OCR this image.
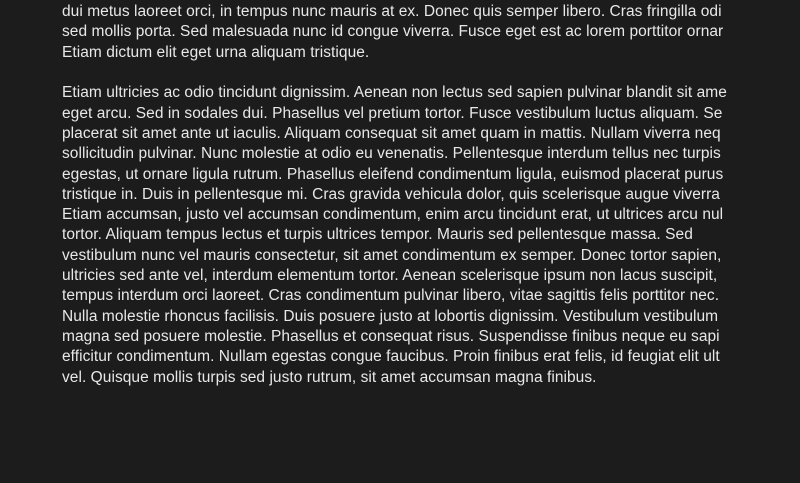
dui metus laoreet orci, in tempus nunc mauris at ex. Donec quis semper libero. Cras fringilla odi
sed mollis porta. Sed malesuada nunc id congue viverra. Fusce eget est ac lorem porttitor ornar
Etiam dictum elit eget urna aliquam tristique.
Etiam ultricies ac odio tincidunt dignissim. Aenean non lectus sed sapien pulvinar blandit sit ame
eget arcu. Sed in sodales dui. Phasellus vel pretium tortor. Fusce vestibulum luctus aliquam. Se
placerat sit amet ante ut iaculis. Aliquam consequat sit amet quam in mattis. Nullam viverra neq
sollicitudin pulvinar. Nunc molestie at odio eu venenatis. Pellentesque interdum tellus nec turpis
egestas, ut ornare ligula rutrum. Phasellus eleifend condimentum ligula, euismod placerat purus
tristique in. Duis in pellentesque mi. Cras gravida vehicula dolor, quis scelerisque augue viverra
Etiam accumsan, justo vel accumsan condimentum, enim arcu tincidunt erat, ut ultrices arcu nul
tortor. Aliquam tempus lectus et turpis ultrices tempor. Mauris sed pellentesque massa. Sed
vestibulum nunc vel mauris consectetur, sit amet condimentum ex semper. Donec tortor sapien,
ultricies sed ante vel, interdum elementum tortor. Aenean scelerisque ipsum non lacus suscipit,
tempus interdum orci laoreet. Cras condimentum pulvinar libero, vitae sagittis felis porttitor nec.
Nulla molestie rhoncus facilisis. Duis posuere justo at lobortis dignissim. Vestibulum vestibulum
magna sed posuere molestie. Phasellus et consequat risus. Suspendisse finibus neque eu sapi
efficitur condimentum. Nullam egestas congue faucibus. Proin finibus erat felis, id feugiat elit ult
vel. Quisque mollis turpis sed justo rutrum, sit amet accumsan magna finibus.
